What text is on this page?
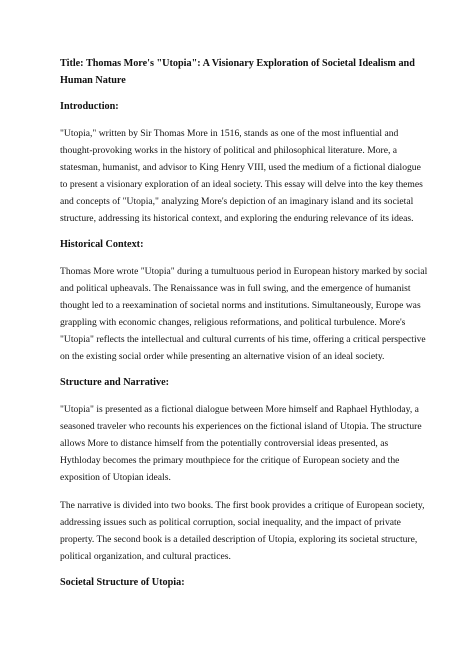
Title: Thomas More's "Utopia": A Visionary Exploration of Societal Idealism and Human Nature
Introduction:

"Utopia," written by Sir Thomas More in 1516, stands as one of the most influential and thought-provoking works in the history of political and philosophical literature. More, a statesman, humanist, and advisor to King Henry VIII, used the medium of a fictional dialogue to present a visionary exploration of an ideal society. This essay will delve into the key themes and concepts of "Utopia," analyzing More's depiction of an imaginary island and its societal structure, addressing its historical context, and exploring the enduring relevance of its ideas.

Historical Context:

Thomas More wrote "Utopia" during a tumultuous period in European history marked by social and political upheavals. The Renaissance was in full swing, and the emergence of humanist thought led to a reexamination of societal norms and institutions. Simultaneously, Europe was grappling with economic changes, religious reformations, and political turbulence. More's "Utopia" reflects the intellectual and cultural currents of his time, offering a critical perspective on the existing social order while presenting an alternative vision of an ideal society.

Structure and Narrative:

"Utopia" is presented as a fictional dialogue between More himself and Raphael Hythloday, a seasoned traveler who recounts his experiences on the fictional island of Utopia. The structure allows More to distance himself from the potentially controversial ideas presented, as Hythloday becomes the primary mouthpiece for the critique of European society and the exposition of Utopian ideals.

The narrative is divided into two books. The first book provides a critique of European society, addressing issues such as political corruption, social inequality, and the impact of private property. The second book is a detailed description of Utopia, exploring its societal structure, political organization, and cultural practices.

Societal Structure of Utopia:
